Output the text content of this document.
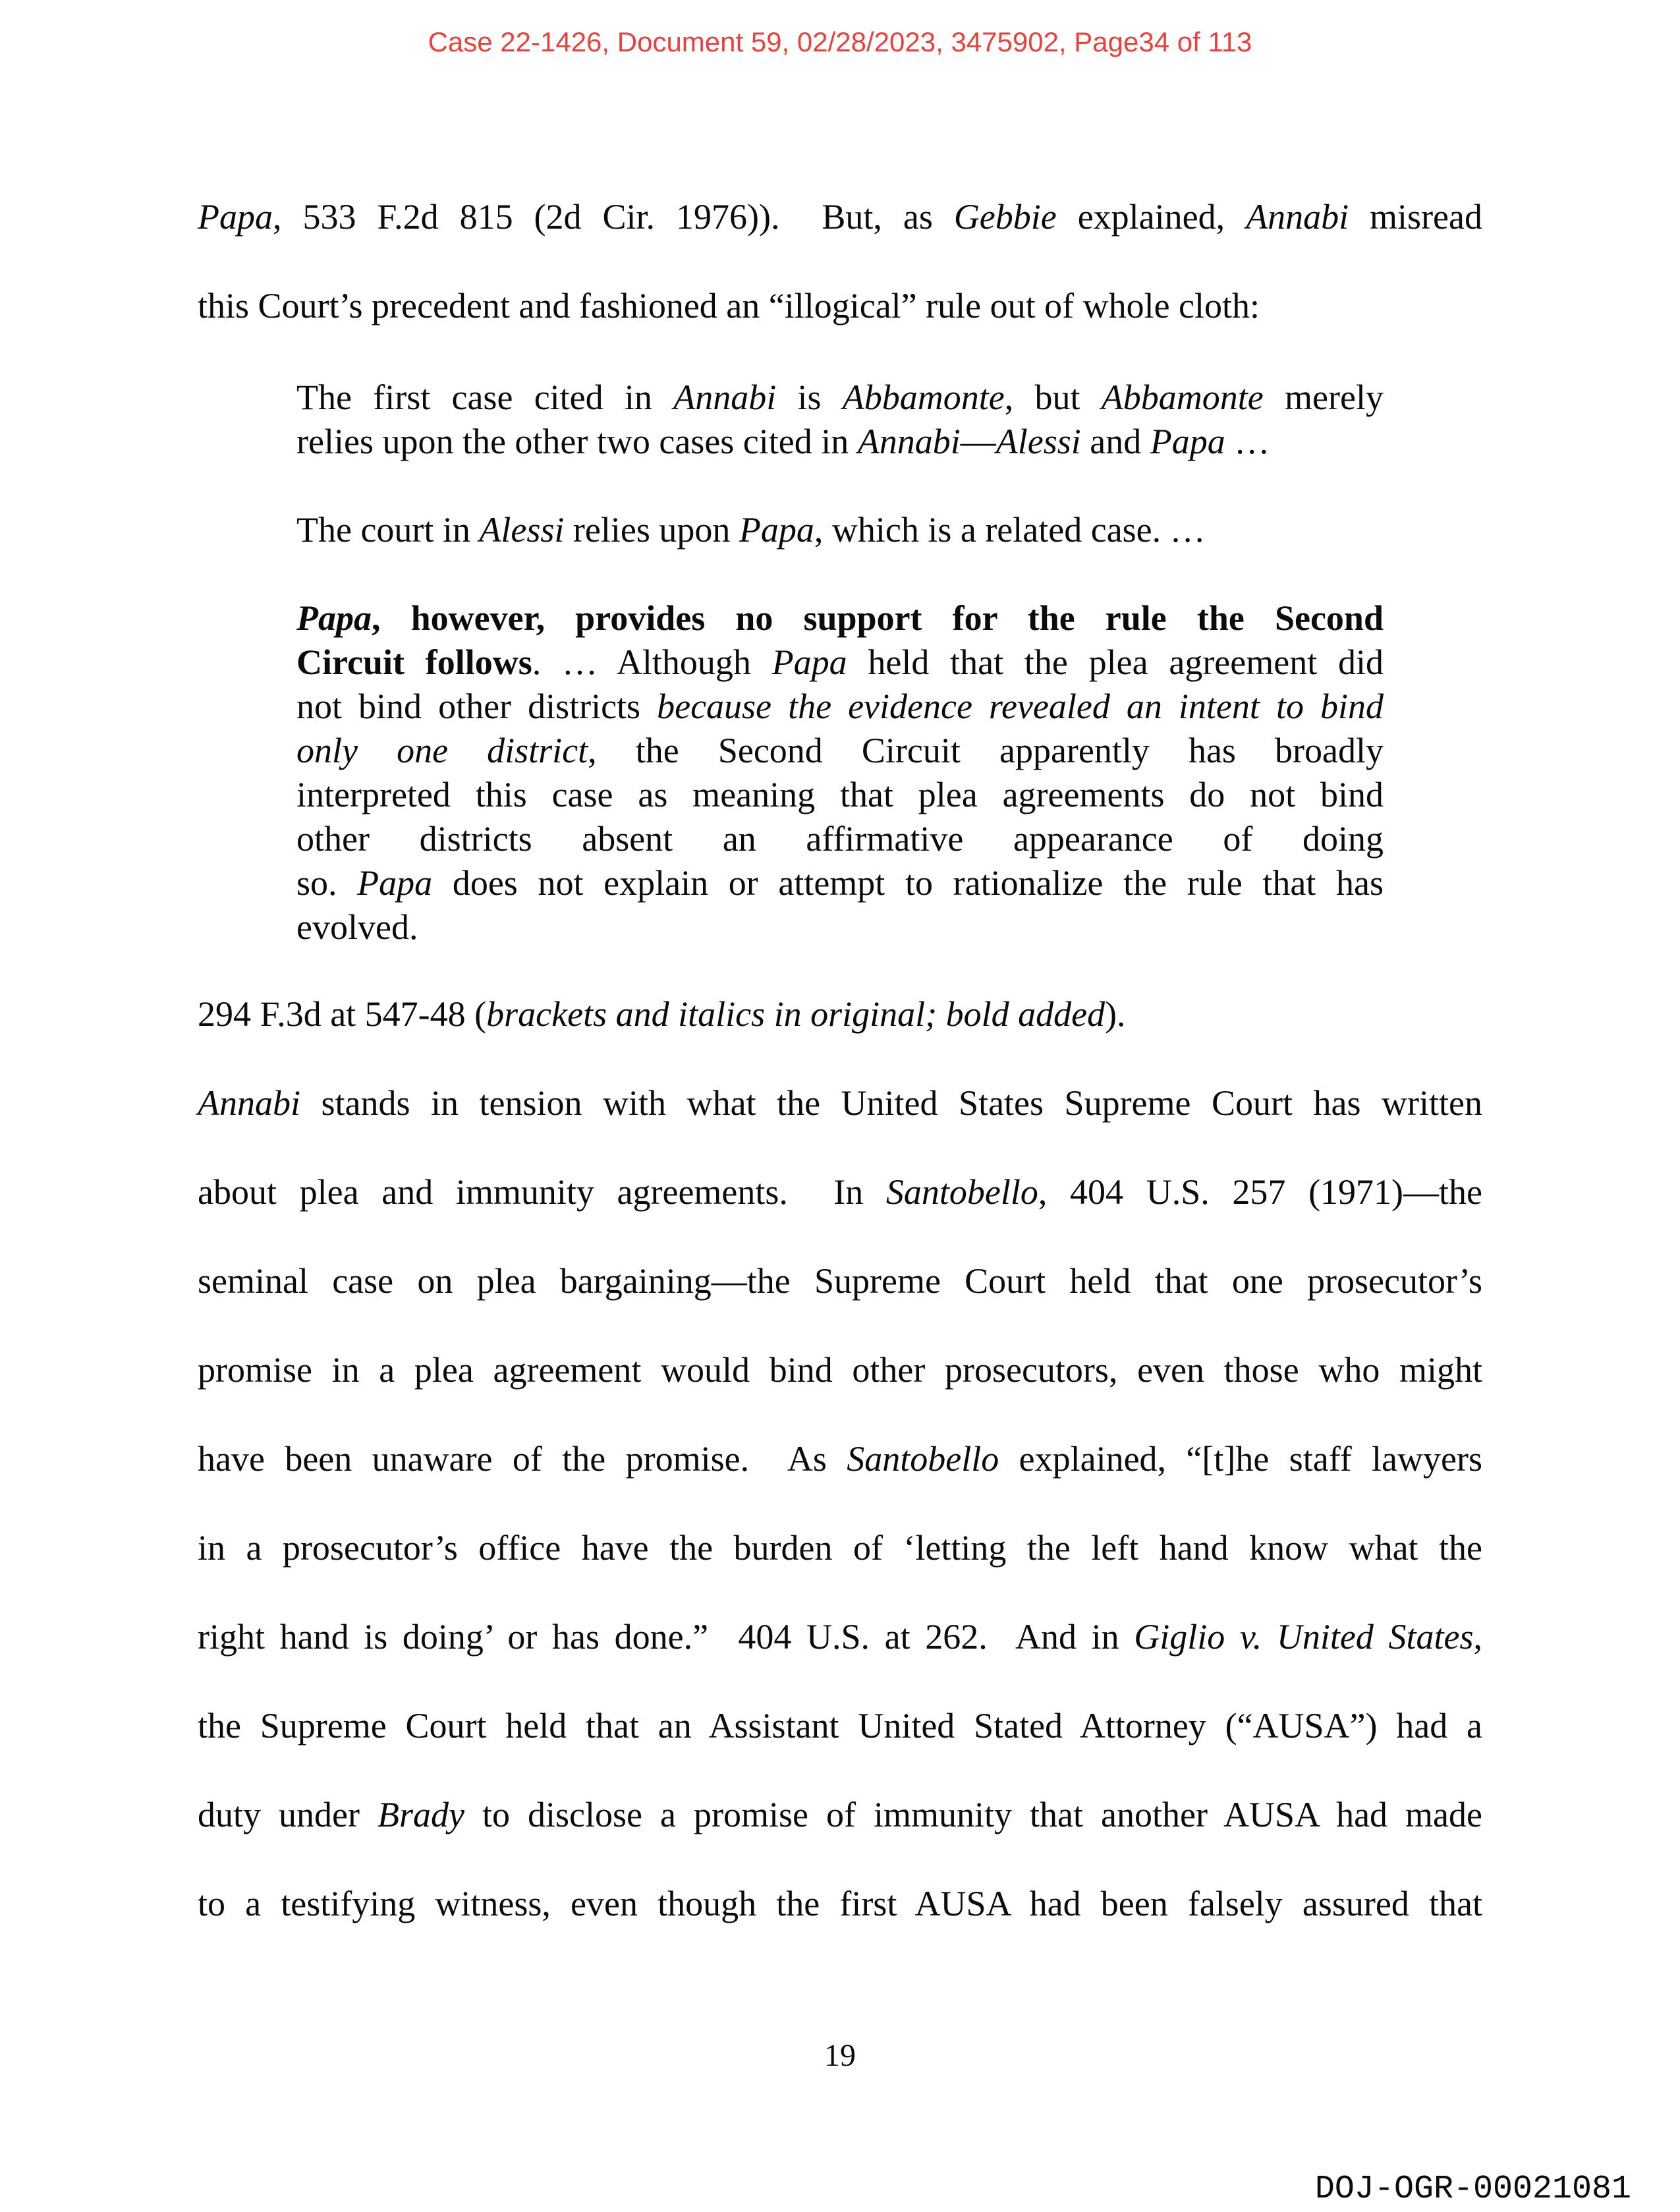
Case 22-1426, Document 59, 02/28/2023, 3475902, Page34 of 113
Papa, 533 F.2d 815 (2d Cir. 1976)).  But, as Gebbie explained, Annabi misread
this Court’s precedent and fashioned an “illogical” rule out of whole cloth:
The first case cited in Annabi is Abbamonte, but Abbamonte merely
relies upon the other two cases cited in Annabi—Alessi and Papa …
The court in Alessi relies upon Papa, which is a related case. …
Papa, however, provides no support for the rule the Second
Circuit follows. … Although Papa held that the plea agreement did
not bind other districts because the evidence revealed an intent to bind
only one district, the Second Circuit apparently has broadly
interpreted this case as meaning that plea agreements do not bind
other districts absent an affirmative appearance of doing
so. Papa does not explain or attempt to rationalize the rule that has
evolved.
294 F.3d at 547-48 (brackets and italics in original; bold added).
Annabi stands in tension with what the United States Supreme Court has written
about plea and immunity agreements.  In Santobello, 404 U.S. 257 (1971)—the
seminal case on plea bargaining—the Supreme Court held that one prosecutor’s
promise in a plea agreement would bind other prosecutors, even those who might
have been unaware of the promise.  As Santobello explained, “[t]he staff lawyers
in a prosecutor’s office have the burden of ‘letting the left hand know what the
right hand is doing’ or has done.”  404 U.S. at 262.  And in Giglio v. United States,
the Supreme Court held that an Assistant United Stated Attorney (“AUSA”) had a
duty under Brady to disclose a promise of immunity that another AUSA had made
to a testifying witness, even though the first AUSA had been falsely assured that
19
DOJ-OGR-00021081
